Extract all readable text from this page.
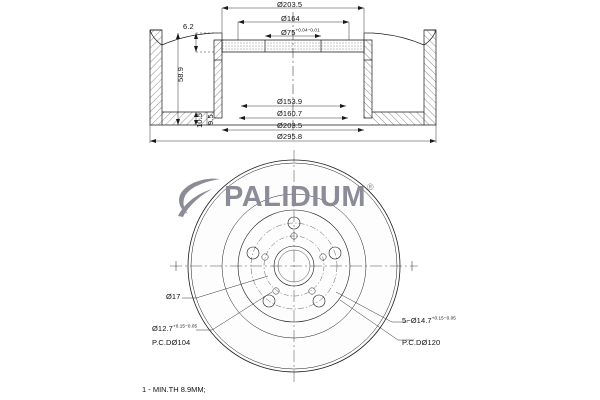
PALIDIUM ®
Ø203.5
Ø164
$Ø75^{+0.04-0.01}$
6.2
58.9
10.5 9.5
Ø153.9
Ø160.7
Ø203.5
Ø295.8
Ø17
$Ø12.7^{+0.15-0.05}$
P.C.DØ104
$5-Ø14.7^{+0.15-0.05}$
P.C.DØ120
1 - MIN.TH 8.9MM;
